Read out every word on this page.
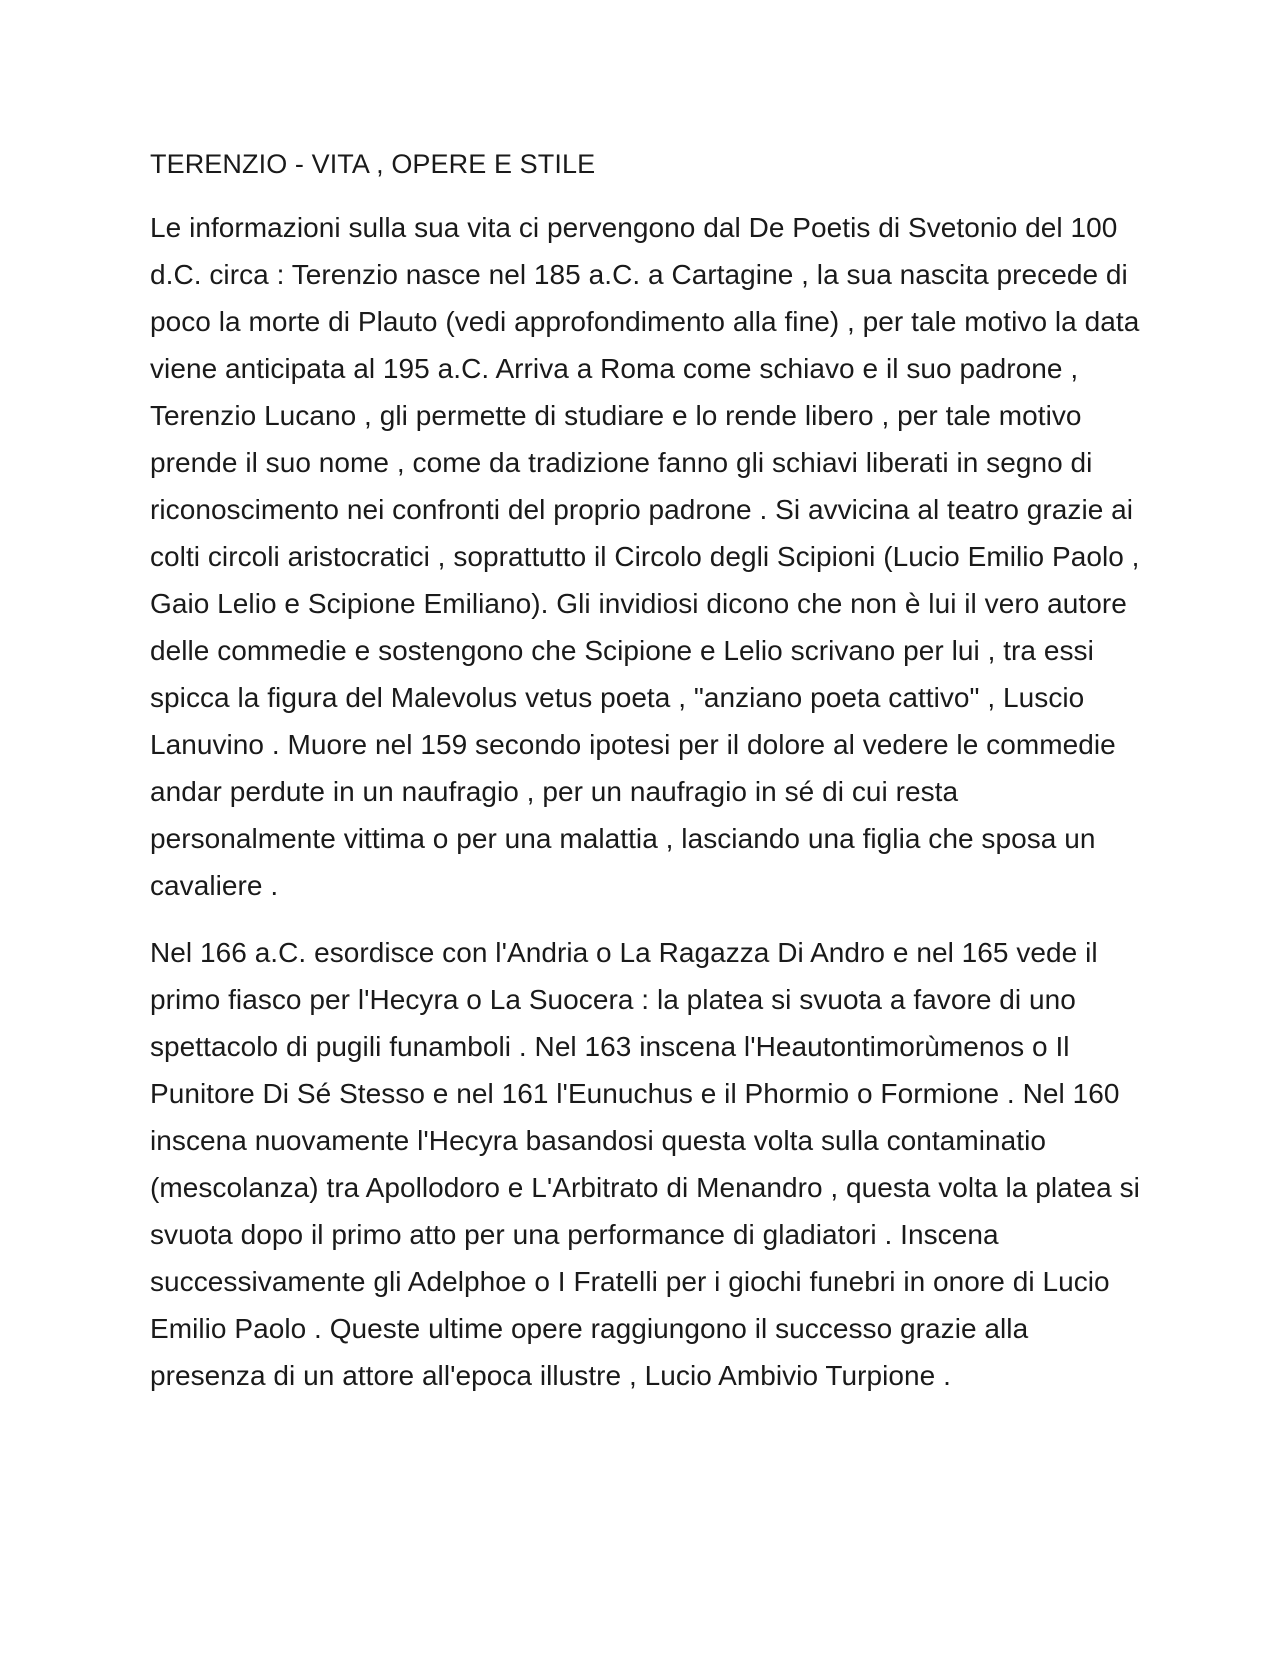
TERENZIO - VITA , OPERE E STILE

Le informazioni sulla sua vita ci pervengono dal De Poetis di Svetonio del 100 d.C. circa : Terenzio nasce nel 185 a.C. a Cartagine , la sua nascita precede di poco la morte di Plauto (vedi approfondimento alla fine) , per tale motivo la data viene anticipata al 195 a.C. Arriva a Roma come schiavo e il suo padrone , Terenzio Lucano , gli permette di studiare e lo rende libero , per tale motivo prende il suo nome , come da tradizione fanno gli schiavi liberati in segno di riconoscimento nei confronti del proprio padrone . Si avvicina al teatro grazie ai colti circoli aristocratici , soprattutto il Circolo degli Scipioni (Lucio Emilio Paolo , Gaio Lelio e Scipione Emiliano). Gli invidiosi dicono che non è lui il vero autore delle commedie e sostengono che Scipione e Lelio scrivano per lui , tra essi spicca la figura del Malevolus vetus poeta , "anziano poeta cattivo" , Luscio Lanuvino . Muore nel 159 secondo ipotesi per il dolore al vedere le commedie andar perdute in un naufragio , per un naufragio in sé di cui resta personalmente vittima o per una malattia , lasciando una figlia che sposa un cavaliere .

Nel 166 a.C. esordisce con l'Andria o La Ragazza Di Andro e nel 165 vede il primo fiasco per l'Hecyra o La Suocera : la platea si svuota a favore di uno spettacolo di pugili funamboli . Nel 163 inscena l'Heautontimorùmenos o Il Punitore Di Sé Stesso e nel 161 l'Eunuchus e il Phormio o Formione . Nel 160 inscena nuovamente l'Hecyra basandosi questa volta sulla contaminatio (mescolanza) tra Apollodoro e L'Arbitrato di Menandro , questa volta la platea si svuota dopo il primo atto per una performance di gladiatori . Inscena successivamente gli Adelphoe o I Fratelli per i giochi funebri in onore di Lucio Emilio Paolo . Queste ultime opere raggiungono il successo grazie alla presenza di un attore all'epoca illustre , Lucio Ambivio Turpione .
